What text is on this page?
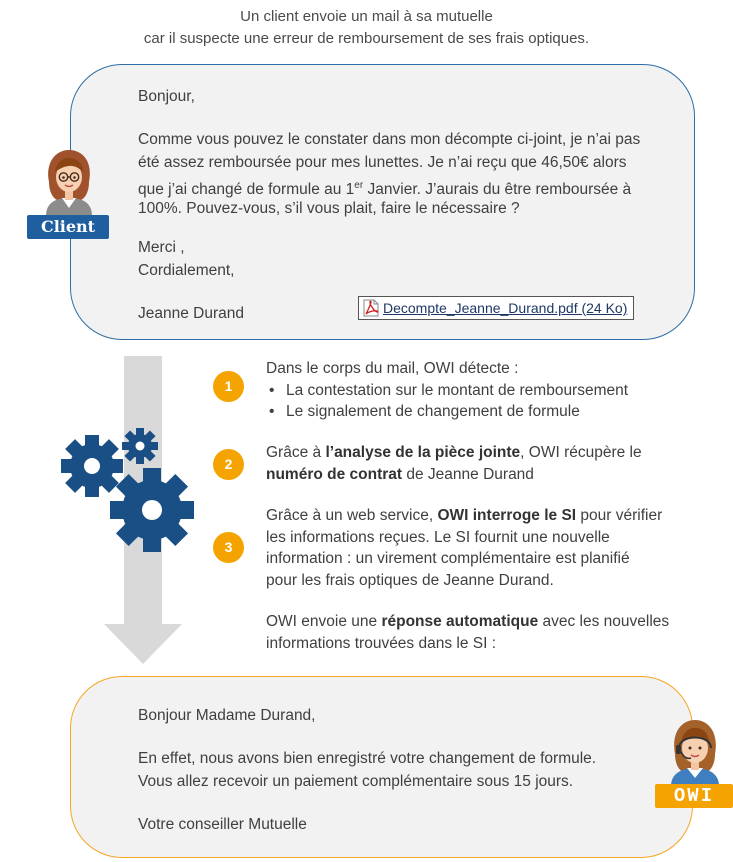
Un client envoie un mail à sa mutuelle
car il suspecte une erreur de remboursement de ses frais optiques.

Bonjour,

Comme vous pouvez le constater dans mon décompte ci-joint, je n’ai pas

été assez remboursée pour mes lunettes. Je n’ai reçu que 46,50€ alors

que j’ai changé de formule au 1er Janvier. J’aurais du être remboursée à

100%. Pouvez-vous, s’il vous plait, faire le nécessaire ?

Merci ,

Cordialement,

Jeanne Durand	Decompte_Jeanne_Durand.pdf (24 Ko)
Client
1
Dans le corps du mail, OWI détecte :
• La contestation sur le montant de remboursement
• Le signalement de changement de formule
2
Grâce à l’analyse de la pièce jointe, OWI récupère le
numéro de contrat de Jeanne Durand
3
Grâce à un web service, OWI interroge le SI pour vérifier
les informations reçues. Le SI fournit une nouvelle
information : un virement complémentaire est planifié
pour les frais optiques de Jeanne Durand.
OWI envoie une réponse automatique avec les nouvelles
informations trouvées dans le SI :

Bonjour Madame Durand,

En effet, nous avons bien enregistré votre changement de formule.

Vous allez recevoir un paiement complémentaire sous 15 jours.

Votre conseiller Mutuelle

OWI
